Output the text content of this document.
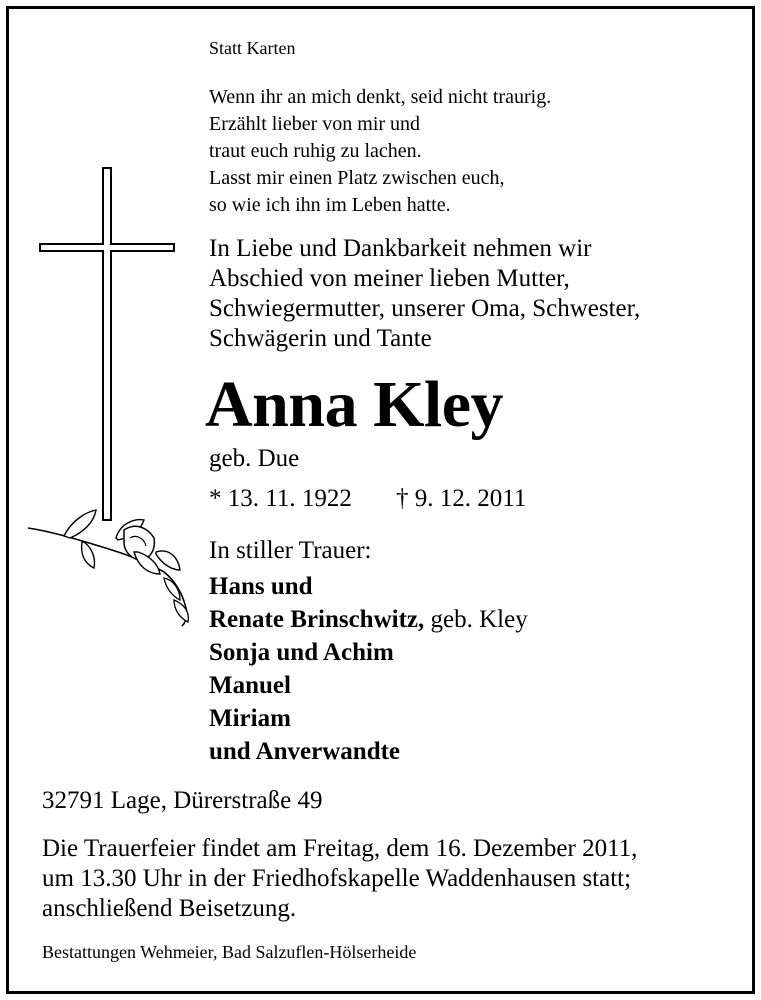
Statt Karten

Wenn ihr an mich denkt, seid nicht traurig.
Erzählt lieber von mir und
traut euch ruhig zu lachen.
Lasst mir einen Platz zwischen euch,
so wie ich ihn im Leben hatte.
In Liebe und Dankbarkeit nehmen wir
Abschied von meiner lieben Mutter,
Schwiegermutter, unserer Oma, Schwester,
Schwägerin und Tante

Anna Kley

geb. Due

* 13. 11. 1922 † 9. 12. 2011

In stiller Trauer:

Hans und
Renate Brinschwitz, geb. Kley
Sonja und Achim
Manuel
Miriam
und Anverwandte

32791 Lage, Dürerstraße 49

Die Trauerfeier findet am Freitag, dem 16. Dezember 2011,
um 13.30 Uhr in der Friedhofskapelle Waddenhausen statt;
anschließend Beisetzung.

Bestattungen Wehmeier, Bad Salzuflen-Hölserheide
